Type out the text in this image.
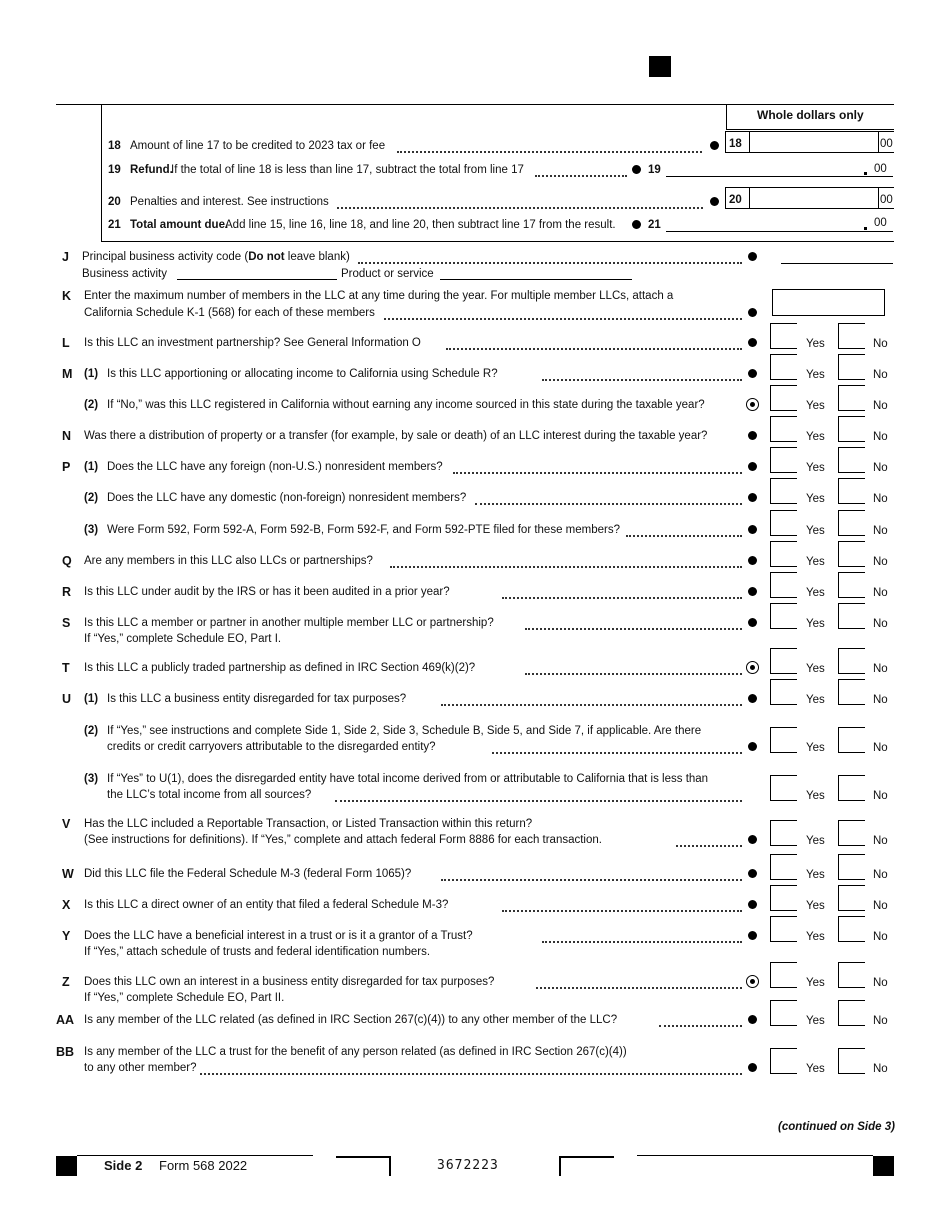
Whole dollars only
18 Amount of line 17 to be credited to 2023 tax or fee	18	00
19 Refund.
If the total of line 18 is less than line 17, subtract the total from line 17	19	00
20 Penalties and interest. See instructions	20	00
21 Total amount due.
Add line 15, line 16, line 18, and line 20, then subtract line 17 from the result.	21	00
J Principal business activity code (Do not leave blank)
Business activity	Product or service
K Enter the maximum number of members in the LLC at any time during the year. For multiple member LLCs, attach a
California Schedule K-1 (568) for each of these members
L Is this LLC an investment partnership? See General Information O	Yes	No
M (1) Is this LLC apportioning or allocating income to California using Schedule R?	Yes	No
(2) If “No,” was this LLC registered in California without earning any income sourced in this state during the taxable year?	Yes	No
N Was there a distribution of property or a transfer (for example, by sale or death) of an LLC interest during the taxable year?	Yes	No
P (1) Does the LLC have any foreign (non-U.S.) nonresident members?	Yes	No
(2) Does the LLC have any domestic (non-foreign) nonresident members?	Yes	No
(3) Were Form 592, Form 592-A, Form 592-B, Form 592-F, and Form 592-PTE filed for these members?	Yes	No
Q Are any members in this LLC also LLCs or partnerships?	Yes	No
R Is this LLC under audit by the IRS or has it been audited in a prior year?	Yes	No
S Is this LLC a member or partner in another multiple member LLC or partnership?
If “Yes,” complete Schedule EO, Part I.
Yes	No
T Is this LLC a publicly traded partnership as defined in IRC Section 469(k)(2)?	Yes	No
U (1) Is this LLC a business entity disregarded for tax purposes?	Yes	No
(2) If “Yes,” see instructions and complete Side 1, Side 2, Side 3, Schedule B, Side 5, and Side 7, if applicable. Are there
credits or credit carryovers attributable to the disregarded entity?	Yes	No
(3) If “Yes” to U(1), does the disregarded entity have total income derived from or attributable to California that is less than
the LLC’s total income from all sources?	Yes	No
V Has the LLC included a Reportable Transaction, or Listed Transaction within this return?
(See instructions for definitions). If “Yes,” complete and attach federal Form 8886 for each transaction.	Yes	No
W Did this LLC file the Federal Schedule M-3 (federal Form 1065)?	Yes	No
X Is this LLC a direct owner of an entity that filed a federal Schedule M-3?	Yes	No
Y Does the LLC have a beneficial interest in a trust or is it a grantor of a Trust?
If “Yes,” attach schedule of trusts and federal identification numbers.
Yes	No
Z Does this LLC own an interest in a business entity disregarded for tax purposes?
If “Yes,” complete Schedule EO, Part II.
Yes	No
AA Is any member of the LLC related (as defined in IRC Section 267(c)(4)) to any other member of the LLC?	Yes	No
BB Is any member of the LLC a trust for the benefit of any person related (as defined in IRC Section 267(c)(4))
to any other member?	Yes	No
(continued on Side 3)
Side 2 Form 568 2022	3672223
